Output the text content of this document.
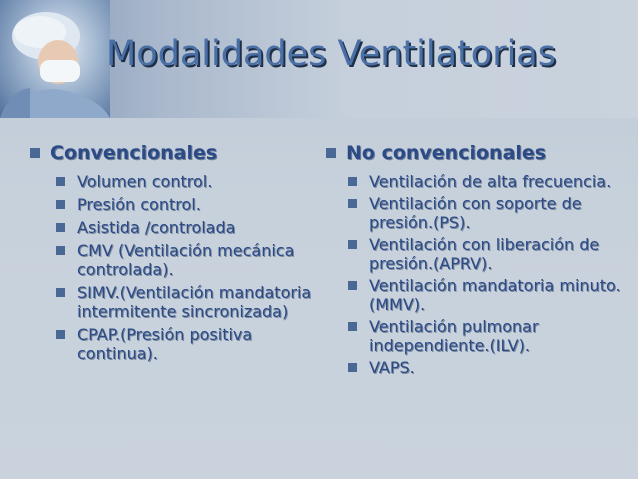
Modalidades Ventilatorias
Convencionales
Volumen control.
Presión control.
Asistida /controlada
CMV (Ventilación mecánica controlada).
SIMV.(Ventilación mandatoria intermitente sincronizada)
CPAP.(Presión positiva continua).
No convencionales
Ventilación de alta frecuencia.
Ventilación con soporte de presión.(PS).
Ventilación con liberación de presión.(APRV).
Ventilación mandatoria minuto.(MMV).
Ventilación pulmonar independiente.(ILV).
VAPS.
